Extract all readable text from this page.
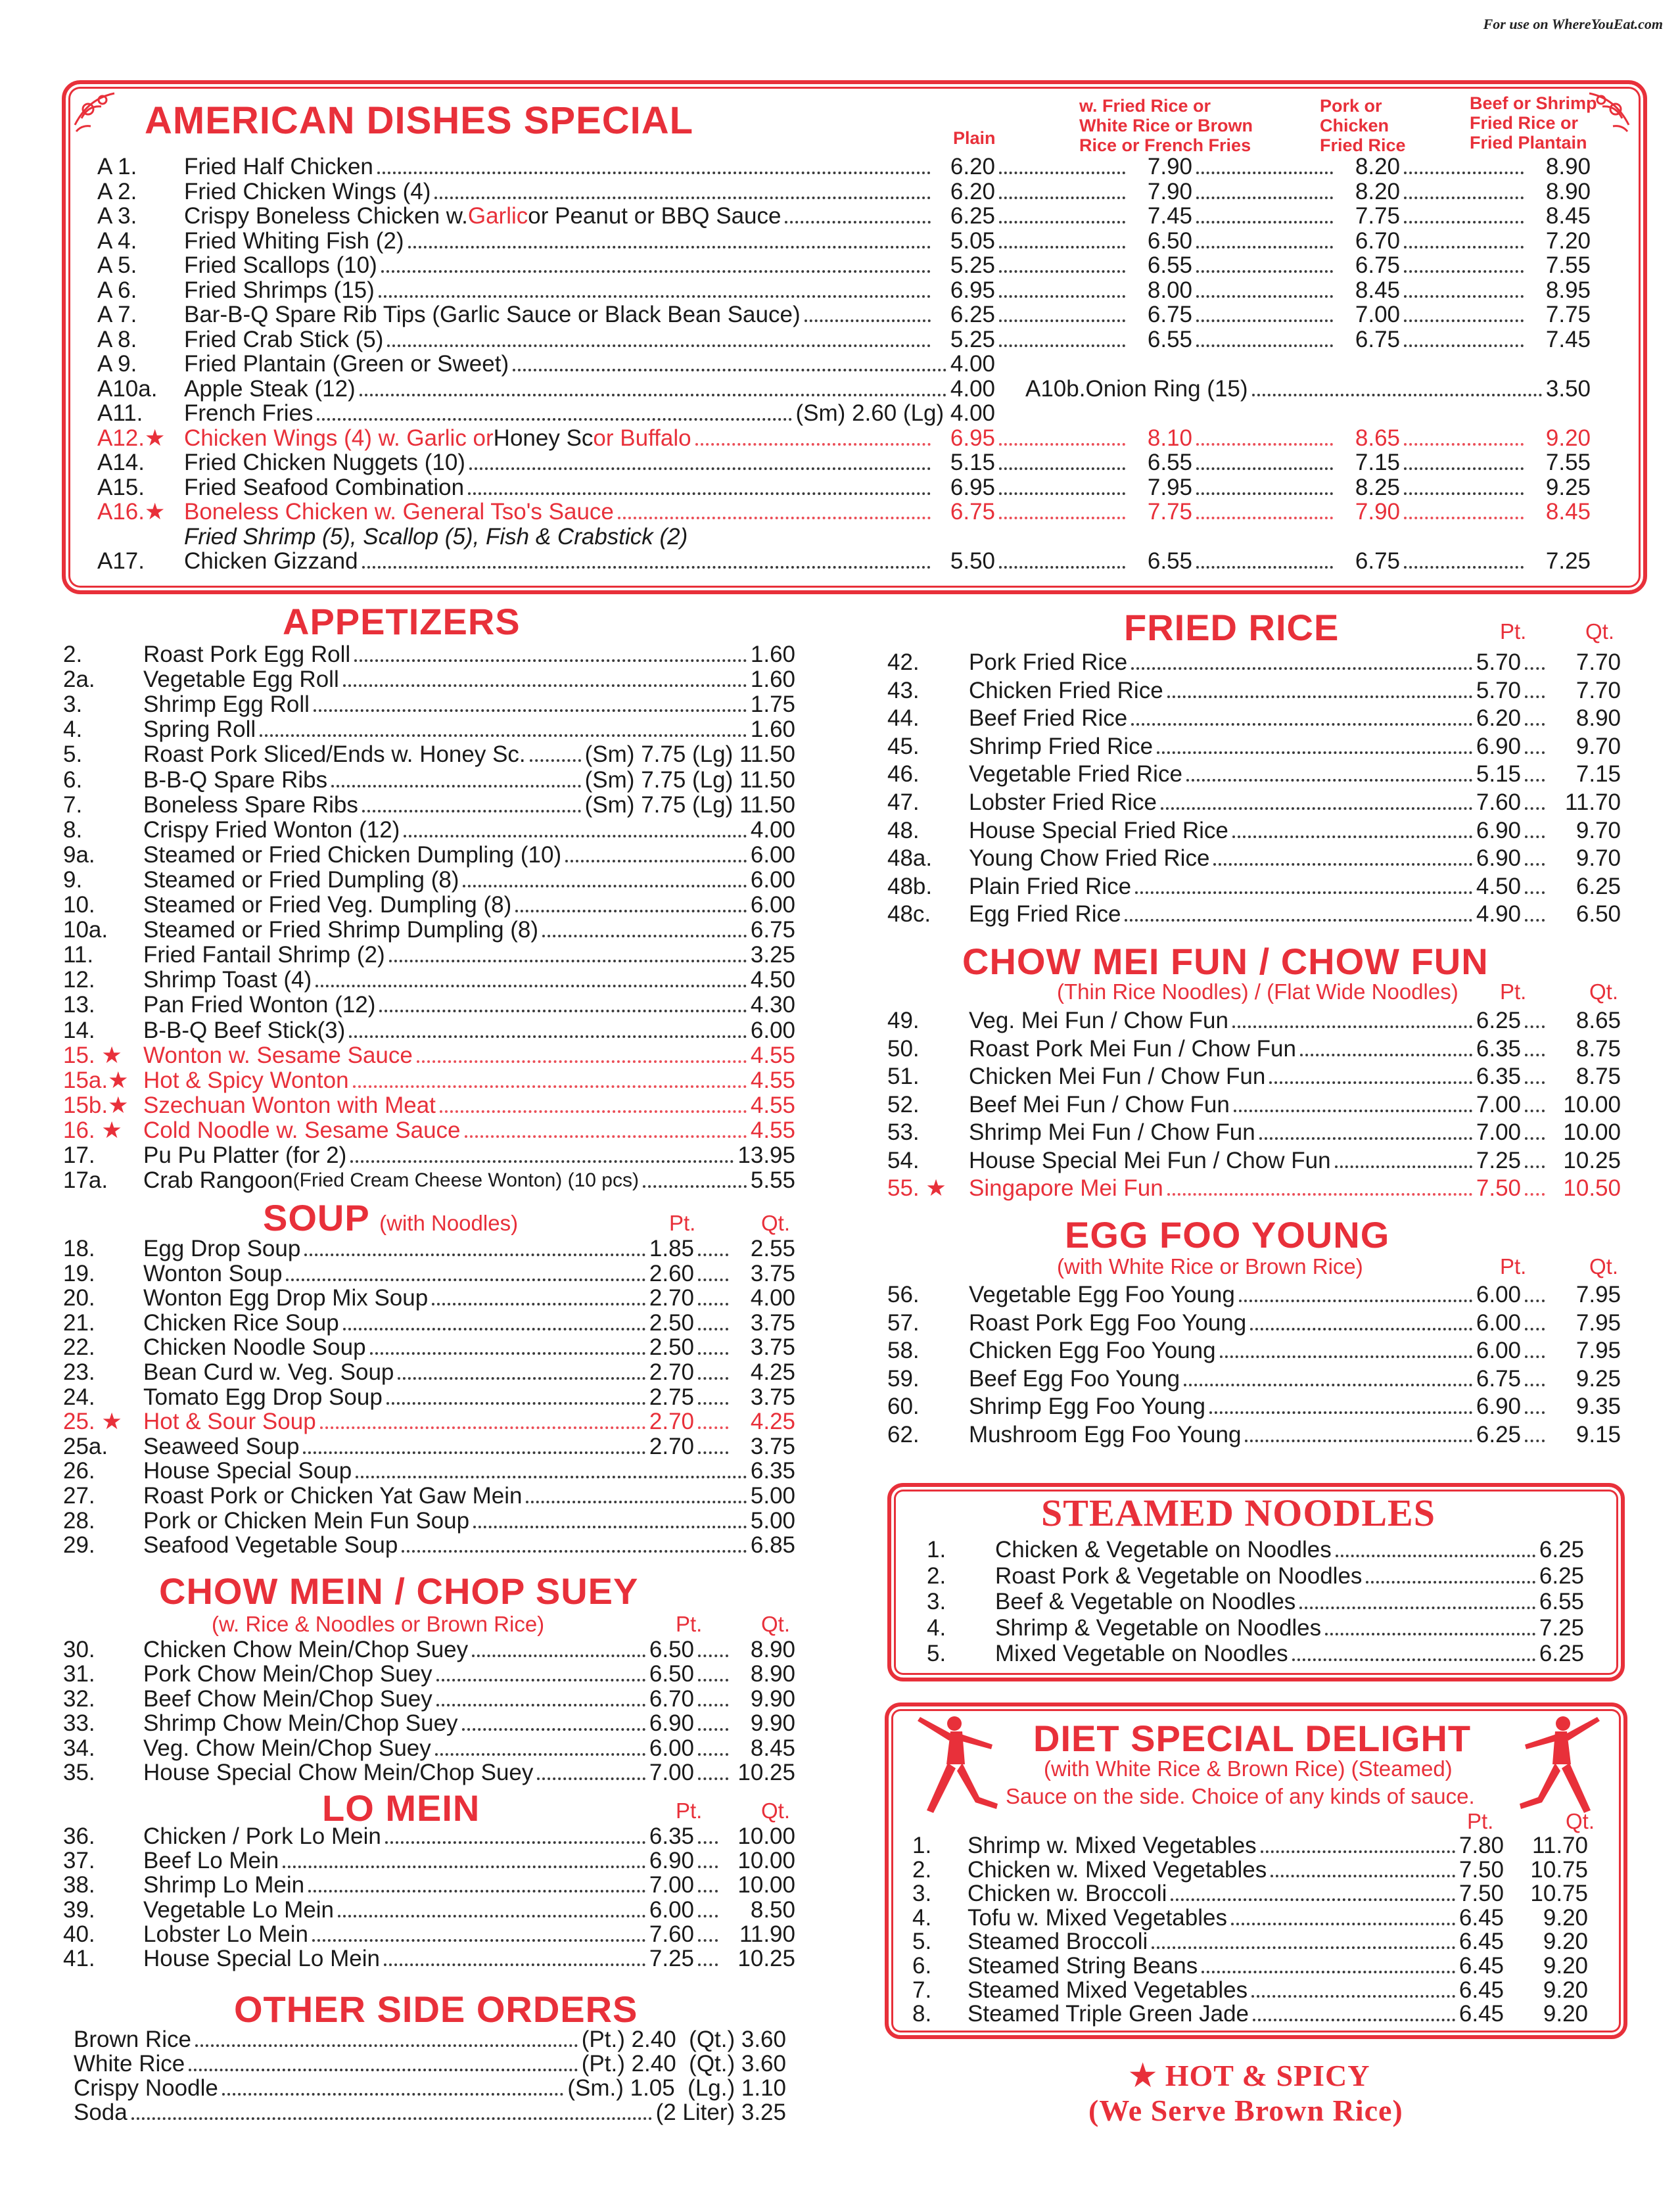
For use on WhereYouEat.com
AMERICAN DISHES SPECIAL	Plain
w. Fried Rice or
White Rice or Brown
Rice or French Fries
Pork or
Chicken
Fried Rice
Beef or Shrimp
Fried Rice or
Fried Plantain
A 1.	Fried Half Chicken	6.20	7.90	8.20	8.90
A 2.	Fried Chicken Wings (4)	6.20	7.90	8.20	8.90
A 3.	Crispy Boneless Chicken w. Garlic or Peanut or BBQ Sauce	6.25	7.45	7.75	8.45
A 4.	Fried Whiting Fish (2)	5.05	6.50	6.70	7.20
A 5.	Fried Scallops (10)	5.25	6.55	6.75	7.55
A 6.	Fried Shrimps (15)	6.95	8.00	8.45	8.95
A 7.	Bar-B-Q Spare Rib Tips (Garlic Sauce or Black Bean Sauce)	6.25	6.75	7.00	7.75
A 8.	Fried Crab Stick (5)	5.25	6.55	6.75	7.45
A 9.	Fried Plantain (Green or Sweet)	4.00
A10a.	Apple Steak (12)	4.00
A11.	French Fries	(Sm) 2.60 (Lg) 4.00
A12.★ Chicken Wings (4) w. Garlic or Honey Sc or Buffalo	6.95	8.10	8.65	9.20
A14.	Fried Chicken Nuggets (10)	5.15	6.55	7.15	7.55
A15.	Fried Seafood Combination	6.95	7.95	8.25	9.25
A16.★ Boneless Chicken w. General Tso's Sauce	6.75	7.75	7.90	8.45
A17.	Chicken Gizzand	5.50	6.55	6.75	7.25
Fried Shrimp (5), Scallop (5), Fish & Crabstick (2)
A10b.Onion Ring (15)	3.50
APPETIZERS
2.	Roast Pork Egg Roll	1.60
2a.	Vegetable Egg Roll	1.60
3.	Shrimp Egg Roll	1.75
4.	Spring Roll	1.60
5.	Roast Pork Sliced/Ends w. Honey Sc.	(Sm) 7.75 (Lg) 11.50
6.	B-B-Q Spare Ribs	(Sm) 7.75 (Lg) 11.50
7.	Boneless Spare Ribs	(Sm) 7.75 (Lg) 11.50
8.	Crispy Fried Wonton (12)	4.00
9a.	Steamed or Fried Chicken Dumpling (10)	6.00
9.	Steamed or Fried Dumpling (8)	6.00
10.	Steamed or Fried Veg. Dumpling (8)	6.00
10a.	Steamed or Fried Shrimp Dumpling (8)	6.75
11.	Fried Fantail Shrimp (2)	3.25
12.	Shrimp Toast (4)	4.50
13.	Pan Fried Wonton (12)	4.30
14.	B-B-Q Beef Stick(3)	6.00
15. ★ Wonton w. Sesame Sauce	4.55
15a.★ Hot & Spicy Wonton	4.55
15b.★ Szechuan Wonton with Meat	4.55
16. ★ Cold Noodle w. Sesame Sauce	4.55
17.	Pu Pu Platter (for 2)	13.95
17a.	Crab Rangoon (Fried Cream Cheese Wonton) (10 pcs)	5.55
SOUP (with Noodles)	Pt.	Qt.
18.	Egg Drop Soup	1.85	2.55
19.	Wonton Soup	2.60	3.75
20.	Wonton Egg Drop Mix Soup	2.70	4.00
21.	Chicken Rice Soup	2.50	3.75
22.	Chicken Noodle Soup	2.50	3.75
23.	Bean Curd w. Veg. Soup	2.70	4.25
24.	Tomato Egg Drop Soup	2.75	3.75
25. ★ Hot & Sour Soup	2.70	4.25
25a.	Seaweed Soup	2.70	3.75
26.	House Special Soup	6.35
27.	Roast Pork or Chicken Yat Gaw Mein	5.00
28.	Pork or Chicken Mein Fun Soup	5.00
29.	Seafood Vegetable Soup	6.85
CHOW MEIN / CHOP SUEY
(w. Rice & Noodles or Brown Rice)	Pt.	Qt.
30.	Chicken Chow Mein/Chop Suey	6.50	8.90
31.	Pork Chow Mein/Chop Suey	6.50	8.90
32.	Beef Chow Mein/Chop Suey	6.70	9.90
33.	Shrimp Chow Mein/Chop Suey	6.90	9.90
34.	Veg. Chow Mein/Chop Suey	6.00	8.45
35.	House Special Chow Mein/Chop Suey	7.00 10.25
LO MEIN	Pt.	Qt.
36.	Chicken / Pork Lo Mein	6.35	10.00
37.	Beef Lo Mein	6.90	10.00
38.	Shrimp Lo Mein	7.00	10.00
39.	Vegetable Lo Mein	6.00	8.50
40.	Lobster Lo Mein	7.60	11.90
41.	House Special Lo Mein	7.25	10.25
OTHER SIDE ORDERS
Brown Rice	(Pt.) 2.40  (Qt.) 3.60
White Rice	(Pt.) 2.40  (Qt.) 3.60
Crispy Noodle	(Sm.) 1.05  (Lg.) 1.10
Soda	(2 Liter) 3.25
FRIED RICE	Pt.	Qt.
42.	Pork Fried Rice	5.70	7.70
43.	Chicken Fried Rice	5.70	7.70
44.	Beef Fried Rice	6.20	8.90
45.	Shrimp Fried Rice	6.90	9.70
46.	Vegetable Fried Rice	5.15	7.15
47.	Lobster Fried Rice	7.60	11.70
48.	House Special Fried Rice	6.90	9.70
48a.	Young Chow Fried Rice	6.90	9.70
48b.	Plain Fried Rice	4.50	6.25
48c.	Egg Fried Rice	4.90	6.50
CHOW MEI FUN / CHOW FUN
(Thin Rice Noodles) / (Flat Wide Noodles) Pt.	Qt.
49.	Veg. Mei Fun / Chow Fun	6.25	8.65
50.	Roast Pork Mei Fun / Chow Fun	6.35	8.75
51.	Chicken Mei Fun / Chow Fun	6.35	8.75
52.	Beef Mei Fun / Chow Fun	7.00	10.00
53.	Shrimp Mei Fun / Chow Fun	7.00	10.00
54.	House Special Mei Fun / Chow Fun	7.25	10.25
55. ★ Singapore Mei Fun	7.50	10.50
EGG FOO YOUNG
(with White Rice or Brown Rice)	Pt.	Qt.
56.	Vegetable Egg Foo Young	6.00	7.95
57.	Roast Pork Egg Foo Young	6.00	7.95
58.	Chicken Egg Foo Young	6.00	7.95
59.	Beef Egg Foo Young	6.75	9.25
60.	Shrimp Egg Foo Young	6.90	9.35
62.	Mushroom Egg Foo Young	6.25	9.15
STEAMED NOODLES
1.	Chicken & Vegetable on Noodles	6.25
2.	Roast Pork & Vegetable on Noodles	6.25
3.	Beef & Vegetable on Noodles	6.55
4.	Shrimp & Vegetable on Noodles	7.25
5.	Mixed Vegetable on Noodles	6.25
DIET SPECIAL DELIGHT
(with White Rice & Brown Rice) (Steamed)
Sauce on the side. Choice of any kinds of sauce.
Pt.	Qt.
1.	Shrimp w. Mixed Vegetables	7.80	11.70
2.	Chicken w. Mixed Vegetables	7.50	10.75
3.	Chicken w. Broccoli	7.50	10.75
4.	Tofu w. Mixed Vegetables	6.45	9.20
5.	Steamed Broccoli	6.45	9.20
6.	Steamed String Beans	6.45	9.20
7.	Steamed Mixed Vegetables	6.45	9.20
8.	Steamed Triple Green Jade	6.45	9.20
★ HOT & SPICY
(We Serve Brown Rice)
